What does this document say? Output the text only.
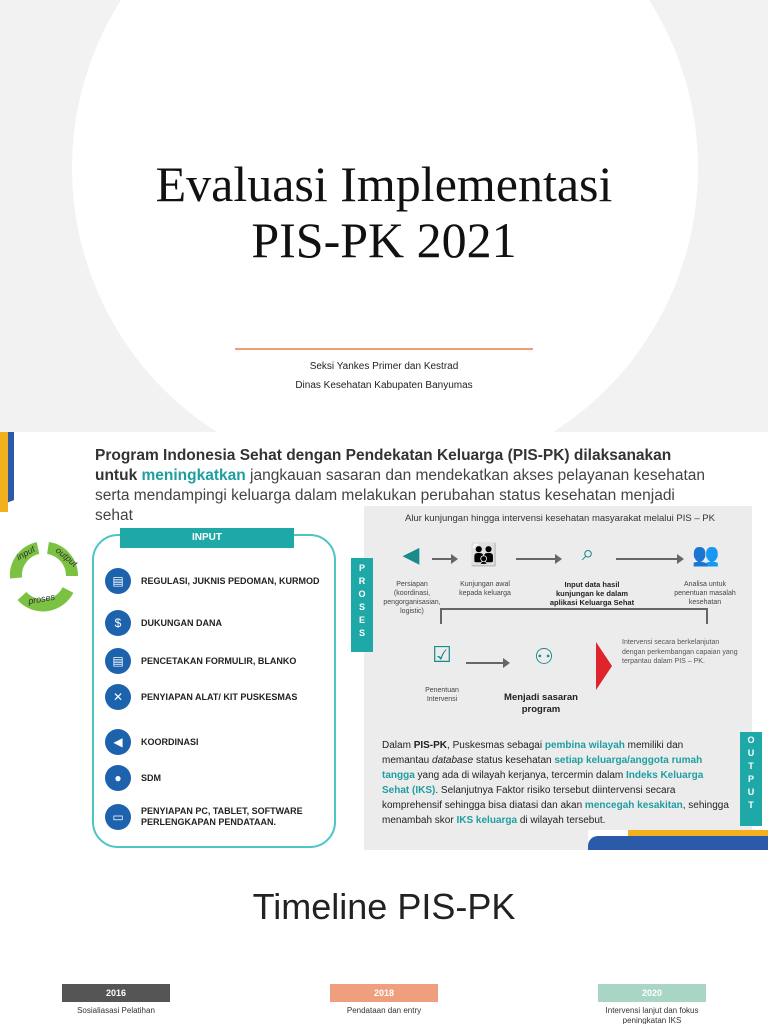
Evaluasi Implementasi
PIS-PK 2021
Seksi Yankes Primer dan Kestrad
Dinas Kesehatan Kabupaten Banyumas
Program Indonesia Sehat dengan Pendekatan Keluarga (PIS-PK) dilaksanakan untuk meningkatkan jangkauan sasaran dan mendekatkan akses pelayanan kesehatan serta mendampingi keluarga dalam melakukan perubahan status kesehatan menjadi sehat
input output
proses
INPUT
▤	REGULASI, JUKNIS PEDOMAN, KURMOD
$	DUKUNGAN DANA
▤	PENCETAKAN FORMULIR, BLANKO
✕	PENYIAPAN ALAT/ KIT PUSKESMAS
◀	KOORDINASI
●	SDM
▭	PENYIAPAN PC, TABLET, SOFTWARE PERLENGKAPAN PENDATAAN.
P
R
O
S
E
S
O
U
T
P
U
T
Alur kunjungan hingga intervensi kesehatan masyarakat melalui PIS – PK
◀
Persiapan (koordinasi, pengorganisasian, logistic)
👪
Kunjungan awal kepada keluarga
⌕
Input data hasil kunjungan ke dalam aplikasi Keluarga Sehat
👥
Analisa untuk penentuan masalah kesehatan
☑
Penentuan Intervensi
⚇
Menjadi sasaran program
Intervensi secara berkelanjutan dengan perkembangan capaian yang terpantau dalam PIS – PK.
Dalam PIS-PK, Puskesmas sebagai pembina wilayah memiliki dan memantau database status kesehatan setiap keluarga/anggota rumah tangga yang ada di wilayah kerjanya, tercermin dalam Indeks Keluarga Sehat (IKS). Selanjutnya Faktor risiko tersebut diintervensi secara komprehensif sehingga bisa diatasi dan akan mencegah kesakitan, sehingga menambah skor IKS keluarga di wilayah tersebut.
Timeline PIS-PK
2016
Sosialiasasi Pelatihan
2018
Pendataan dan entry
2020
Intervensi lanjut dan fokus peningkatan IKS
